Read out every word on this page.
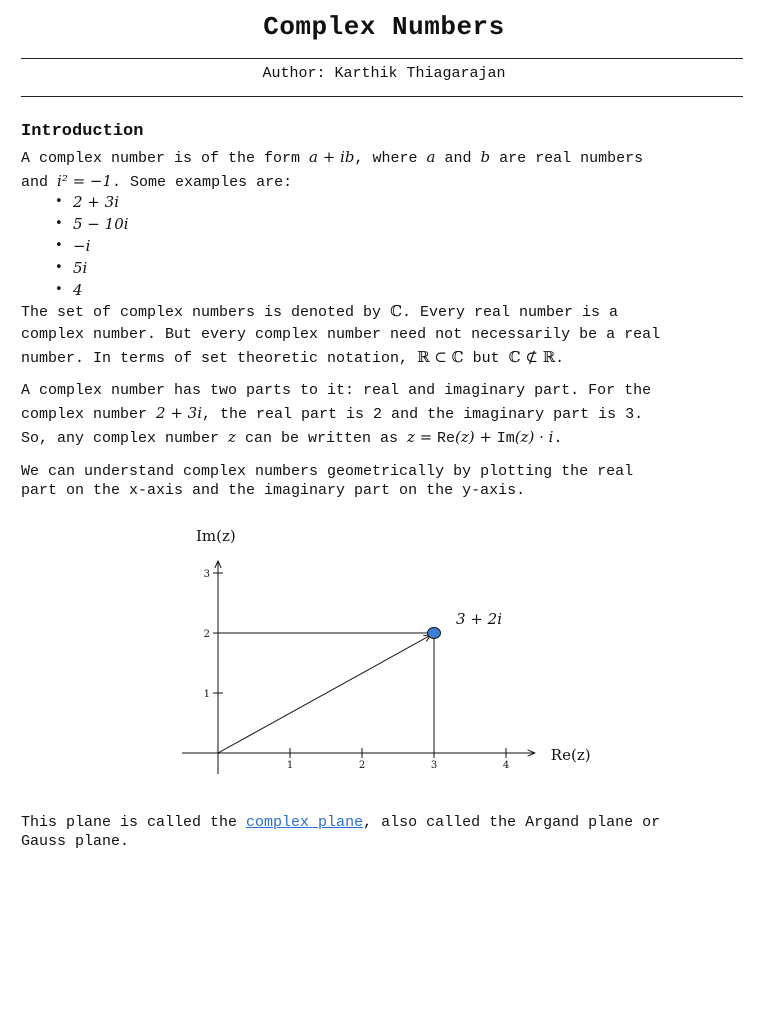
Complex Numbers
Author: Karthik Thiagarajan
Introduction
A complex number is of the form a + ib, where a and b are real numbers
and i² = −1. Some examples are:
• 2 + 3i
• 5 − 10i
• −i
• 5i
• 4
The set of complex numbers is denoted by ℂ. Every real number is a
complex number. But every complex number need not necessarily be a real
number. In terms of set theoretic notation, ℝ ⊂ ℂ but ℂ ⊄ ℝ.
A complex number has two parts to it: real and imaginary part. For the
complex number 2 + 3i, the real part is 2 and the imaginary part is 3.
So, any complex number z can be written as z = Re(z) + Im(z) · i.
We can understand complex numbers geometrically by plotting the real
part on the x-axis and the imaginary part on the y-axis.
1	2	3	4
1
2
3
Re(z)
Im(z)
3 + 2i
This plane is called the complex plane, also called the Argand plane or
Gauss plane.
